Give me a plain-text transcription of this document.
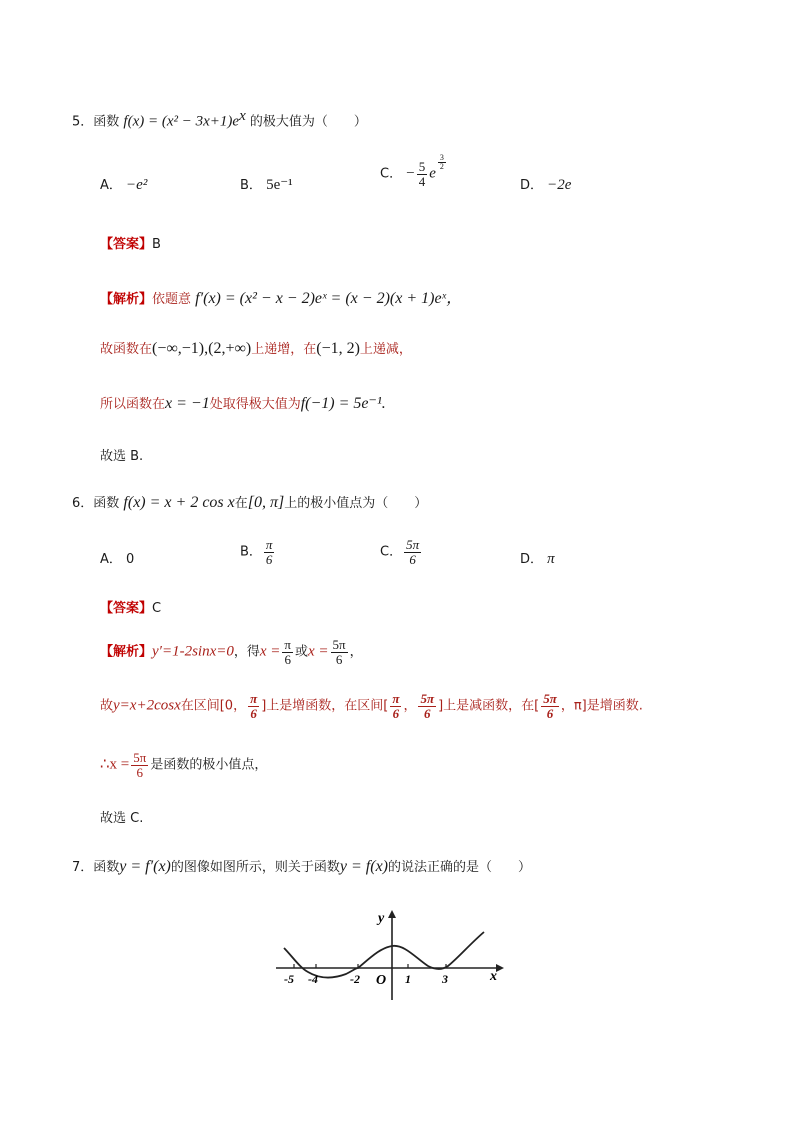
5．函数 $f(x) = (x^2 - 3x+1)e^x$ 的极大值为（　　）
A． −e²	B． 5e⁻¹
C． − $\frac{5}{4}$ e
$\frac{3}{2}$
D． −2e
【答案】B
【解析】依题意 f′(x) = (x² − x − 2)eˣ = (x − 2)(x + 1)eˣ，
故函数在(−∞,−1),(2,+∞)上递增，在(−1, 2)上递减，
所以函数在x = −1处取得极大值为f(−1) = 5e⁻¹.
故选 B.
6．函数 f(x) = x + 2 cos x在[0, π]上的极小值点为（　　）
A． 0	B． $\frac{\pi}{6}$	C． $\frac{5\pi}{6}$	D． π
【答案】C
【解析】y′=1-2sinx=0，得$x = \frac{\pi}{6}$ 或$x = \frac{5\pi}{6}$ ，
故y=x+2cosx在区间[0， $\frac{\pi}{6}$ ]上是增函数，在区间[ $\frac{\pi}{6}$ ， $\frac{5\pi}{6}$ ]上是减函数，在[ $\frac{5\pi}{6}$ ，π]是增函数.
∴x = $\frac{5\pi}{6}$ 是函数的极小值点，
故选 C.
7．函数y = f′(x)的图像如图所示，则关于函数y = f(x)的说法正确的是（　　）
y
x
O
-5 -4	-2	1	3
